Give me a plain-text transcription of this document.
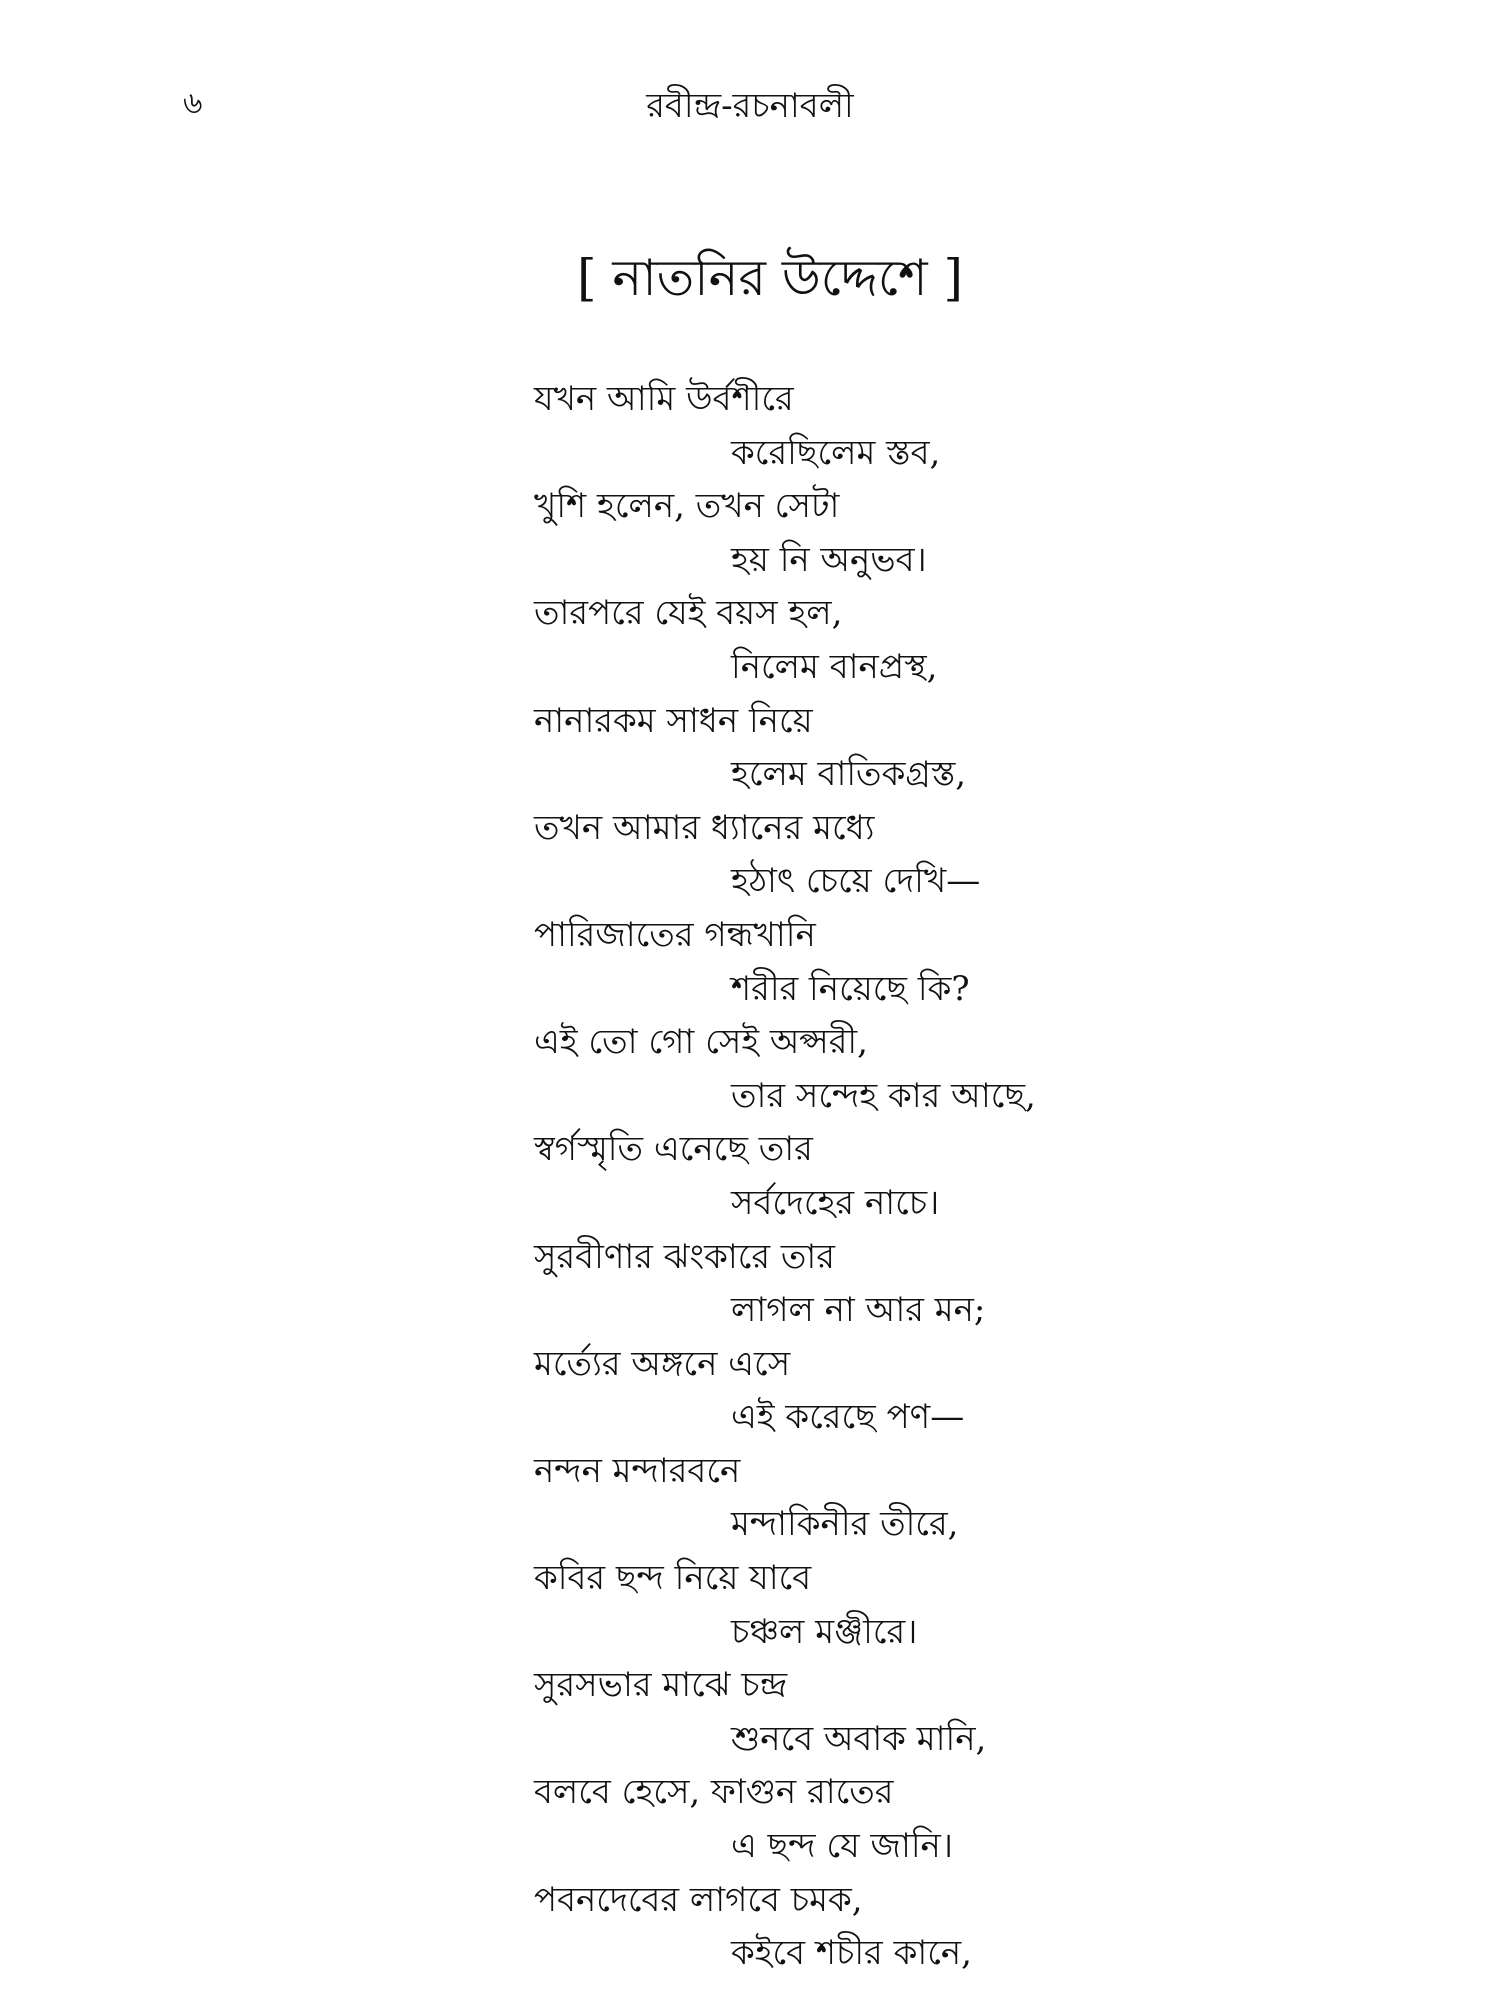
৬	রবীন্দ্র-রচনাবলী
[ নাতনির উদ্দেশে ]
যখন আমি উর্বশীরে
করেছিলেম স্তব,
খুশি হলেন, তখন সেটা
হয় নি অনুভব।
তারপরে যেই বয়স হল,
নিলেম বানপ্রস্থ,
নানারকম সাধন নিয়ে
হলেম বাতিকগ্রস্ত,
তখন আমার ধ্যানের মধ্যে
হঠাৎ চেয়ে দেখি—
পারিজাতের গন্ধখানি
শরীর নিয়েছে কি?
এই তো গো সেই অপ্সরী,
তার সন্দেহ কার আছে,
স্বর্গস্মৃতি এনেছে তার
সর্বদেহের নাচে।
সুরবীণার ঝংকারে তার
লাগল না আর মন;
মর্ত্যের অঙ্গনে এসে
এই করেছে পণ—
নন্দন মন্দারবনে
মন্দাকিনীর তীরে,
কবির ছন্দ নিয়ে যাবে
চঞ্চল মঞ্জীরে।
সুরসভার মাঝে চন্দ্র
শুনবে অবাক মানি,
বলবে হেসে, ফাগুন রাতের
এ ছন্দ যে জানি।
পবনদেবের লাগবে চমক,
কইবে শচীর কানে,
